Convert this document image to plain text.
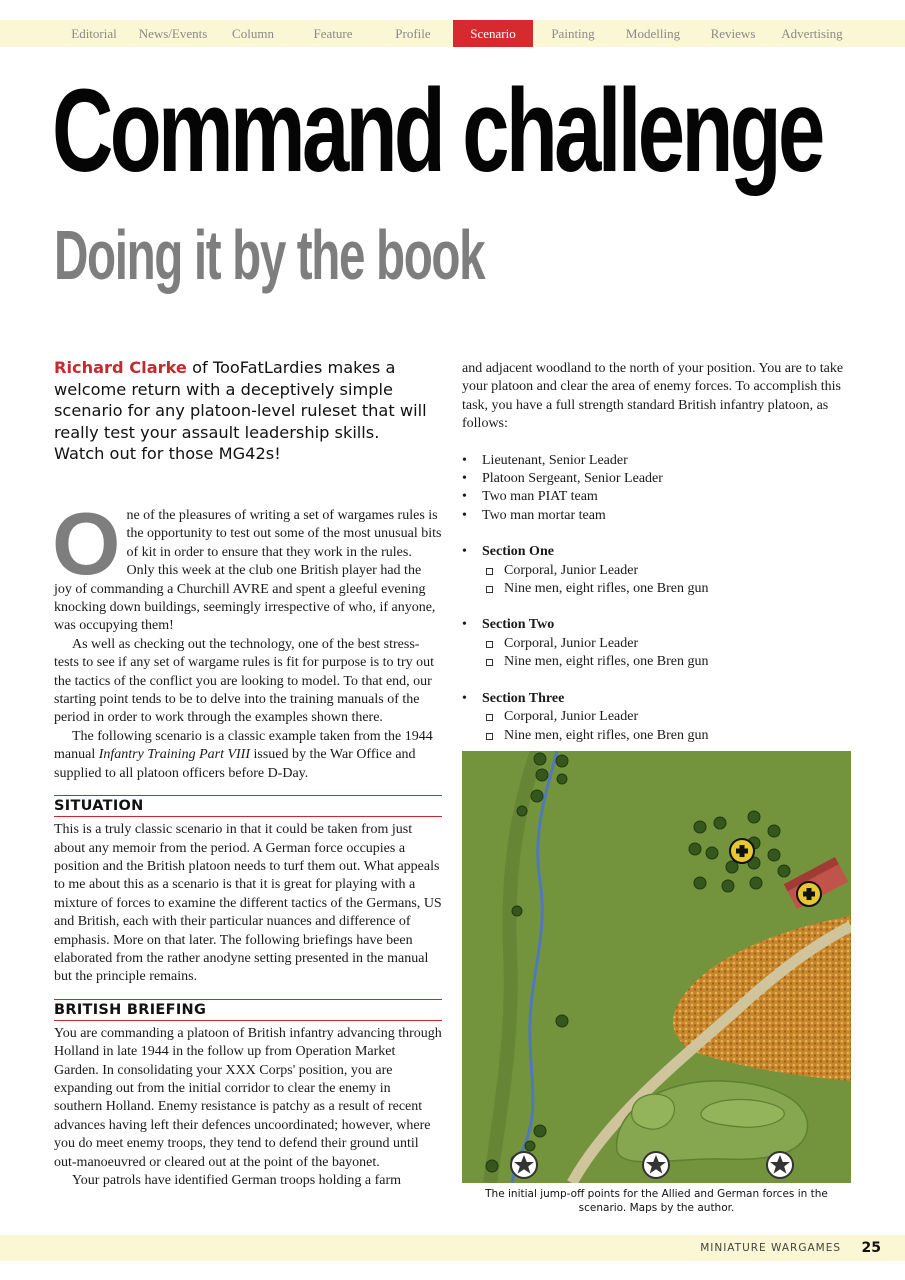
Editorial	News/Events	Column	Feature	Profile	Scenario	Painting	Modelling	Reviews	Advertising
Command challenge
Doing it by the book

Richard Clarke of TooFatLardies makes a welcome return with a deceptively simple scenario for any platoon-level ruleset that will really test your assault leadership skills. Watch out for those MG42s!

One of the pleasures of writing a set of wargames rules is the opportunity to test out some of the most unusual bits of kit in order to ensure that they work in the rules. Only this week at the club one British player had the joy of commanding a Churchill AVRE and spent a gleeful evening knocking down buildings, seemingly irrespective of who, if anyone, was occupying them!

As well as checking out the technology, one of the best stress-tests to see if any set of wargame rules is fit for purpose is to try out the tactics of the conflict you are looking to model. To that end, our starting point tends to be to delve into the training manuals of the period in order to work through the examples shown there.

The following scenario is a classic example taken from the 1944 manual Infantry Training Part VIII issued by the War Office and supplied to all platoon officers before D-Day.

SITUATION

This is a truly classic scenario in that it could be taken from just about any memoir from the period. A German force occupies a position and the British platoon needs to turf them out. What appeals to me about this as a scenario is that it is great for playing with a mixture of forces to examine the different tactics of the Germans, US and British, each with their particular nuances and difference of emphasis. More on that later. The following briefings have been elaborated from the rather anodyne setting presented in the manual but the principle remains.

BRITISH BRIEFING

You are commanding a platoon of British infantry advancing through Holland in late 1944 in the follow up from Operation Market Garden. In consolidating your XXX Corps' position, you are expanding out from the initial corridor to clear the enemy in southern Holland. Enemy resistance is patchy as a result of recent advances having left their defences uncoordinated; however, where you do meet enemy troops, they tend to defend their ground until out-manoeuvred or cleared out at the point of the bayonet.

Your patrols have identified German troops holding a farm

and adjacent woodland to the north of your position. You are to take your platoon and clear the area of enemy forces. To accomplish this task, you have a full strength standard British infantry platoon, as follows:

• Lieutenant, Senior Leader
• Platoon Sergeant, Senior Leader
• Two man PIAT team
• Two man mortar team
• Section One
Corporal, Junior Leader
Nine men, eight rifles, one Bren gun
• Section Two
Corporal, Junior Leader
Nine men, eight rifles, one Bren gun
• Section Three
Corporal, Junior Leader
Nine men, eight rifles, one Bren gun

The initial jump-off points for the Allied and German forces in the scenario. Maps by the author.

MINIATURE WARGAMES 25
